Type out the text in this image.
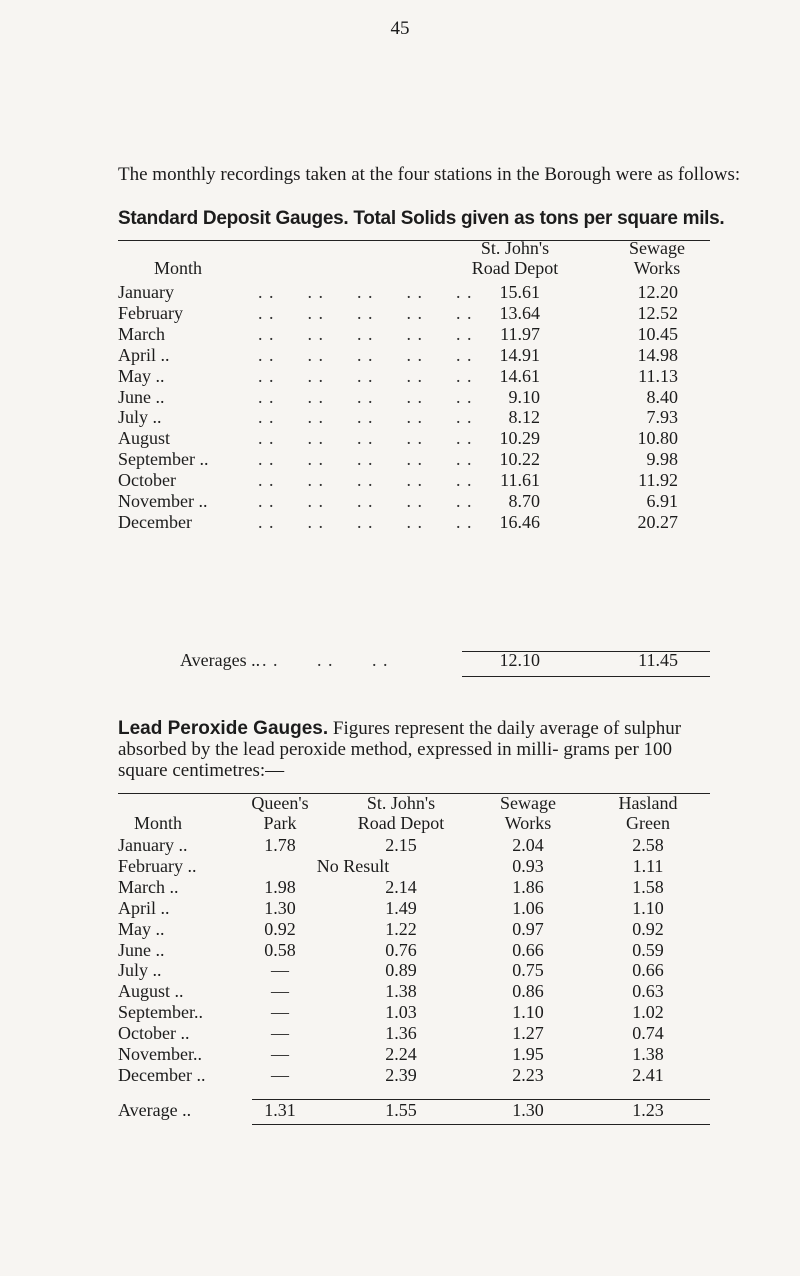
45
The monthly recordings taken at the four stations in the Borough were as follows:
Standard Deposit Gauges. Total Solids given as tons per square mils.
Month
St. John's
Road Depot
Sewage
Works
January	. .      . .      . .      . .      . .	15.61	12.20
February	. .      . .      . .      . .      . .	13.64	12.52
March	. .      . .      . .      . .      . .	11.97	10.45
April ..	. .      . .      . .      . .      . .	14.91	14.98
May ..	. .      . .      . .      . .      . .	14.61	11.13
June ..	. .      . .      . .      . .      . .	9.10	8.40
July ..	. .      . .      . .      . .      . .	8.12	7.93
August	. .      . .      . .      . .      . .	10.29	10.80
September ..	. .      . .      . .      . .      . .	10.22	9.98
October	. .      . .      . .      . .      . .	11.61	11.92
November ..	. .      . .      . .      . .      . .	8.70	6.91
December	. .      . .      . .      . .      . .	16.46	20.27
Averages .. . .       . .       . .	12.10	11.45
Lead Peroxide Gauges. Figures represent the daily average of sulphur absorbed by the lead peroxide method, expressed in milli- grams per 100 square centimetres:—
Month
Queen's
Park
St. John's
Road Depot
Sewage
Works
Hasland
Green
January ..	1.78	2.15	2.04	2.58
February ..	No Result	0.93	1.11
March ..	1.98	2.14	1.86	1.58
April ..	1.30	1.49	1.06	1.10
May ..	0.92	1.22	0.97	0.92
June ..	0.58	0.76	0.66	0.59
July ..	—	0.89	0.75	0.66
August ..	—	1.38	0.86	0.63
September..	—	1.03	1.10	1.02
October ..	—	1.36	1.27	0.74
November..	—	2.24	1.95	1.38
December ..	—	2.39	2.23	2.41
Average ..	1.31	1.55	1.30	1.23
